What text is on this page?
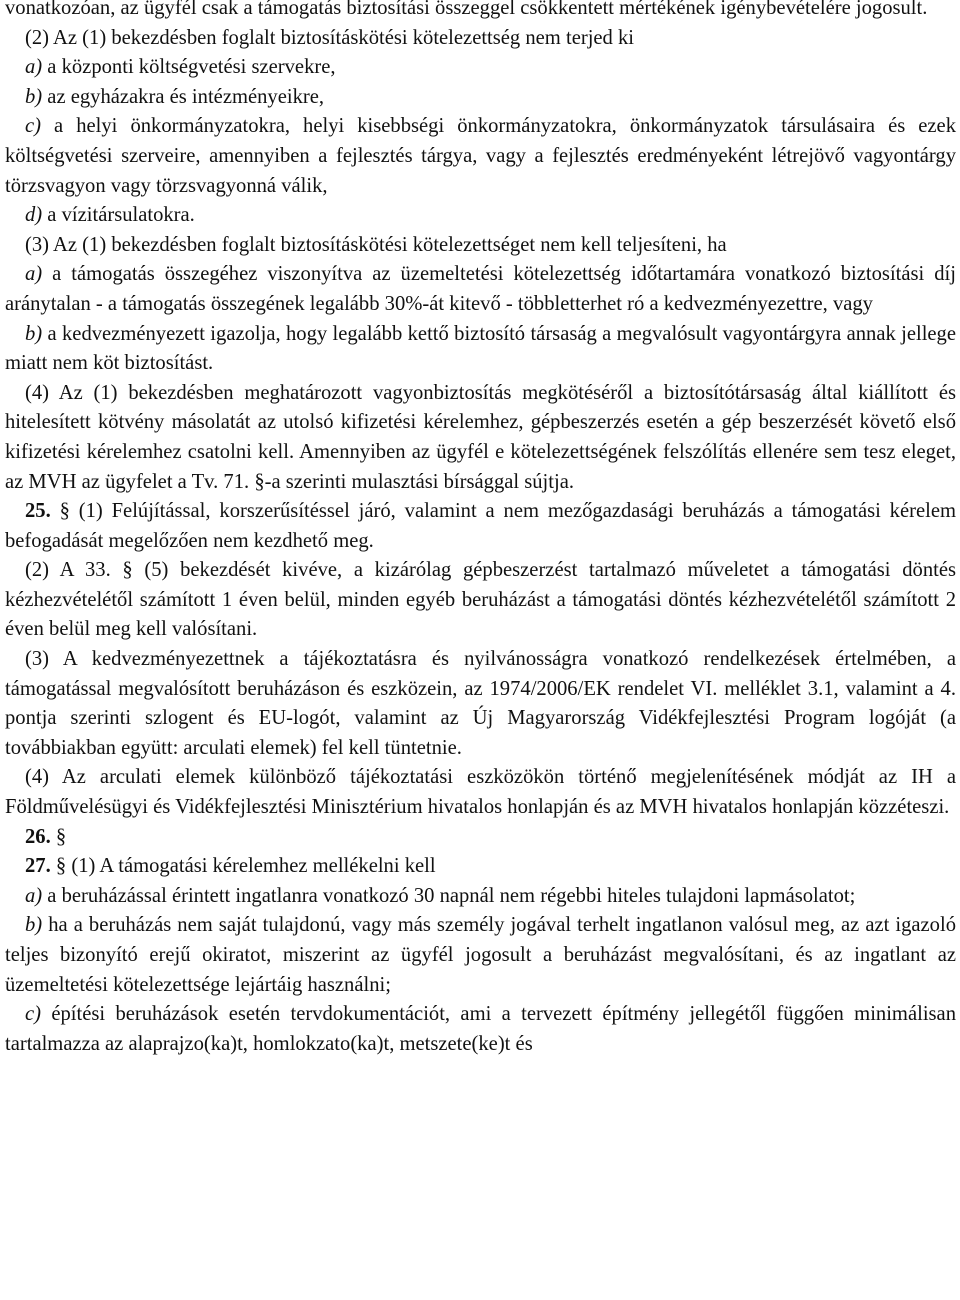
vonatkozóan, az ügyfél csak a támogatás biztosítási összeggel csökkentett mértékének igénybevételére jogosult.

(2) Az (1) bekezdésben foglalt biztosításkötési kötelezettség nem terjed ki

a) a központi költségvetési szervekre,

b) az egyházakra és intézményeikre,

c) a helyi önkormányzatokra, helyi kisebbségi önkormányzatokra, önkormányzatok társulásaira és ezek költségvetési szerveire, amennyiben a fejlesztés tárgya, vagy a fejlesztés eredményeként létrejövő vagyontárgy törzsvagyon vagy törzsvagyonná válik,

d) a vízitársulatokra.

(3) Az (1) bekezdésben foglalt biztosításkötési kötelezettséget nem kell teljesíteni, ha

a) a támogatás összegéhez viszonyítva az üzemeltetési kötelezettség időtartamára vonatkozó biztosítási díj aránytalan - a támogatás összegének legalább 30%-át kitevő - többletterhet ró a kedvezményezettre, vagy

b) a kedvezményezett igazolja, hogy legalább kettő biztosító társaság a megvalósult vagyontárgyra annak jellege miatt nem köt biztosítást.

(4) Az (1) bekezdésben meghatározott vagyonbiztosítás megkötéséről a biztosítótársaság által kiállított és hitelesített kötvény másolatát az utolsó kifizetési kérelemhez, gépbeszerzés esetén a gép beszerzését követő első kifizetési kérelemhez csatolni kell. Amennyiben az ügyfél e kötelezettségének felszólítás ellenére sem tesz eleget, az MVH az ügyfelet a Tv. 71. §-a szerinti mulasztási bírsággal sújtja.

25. § (1) Felújítással, korszerűsítéssel járó, valamint a nem mezőgazdasági beruházás a támogatási kérelem befogadását megelőzően nem kezdhető meg.

(2) A 33. § (5) bekezdését kivéve, a kizárólag gépbeszerzést tartalmazó műveletet a támogatási döntés kézhezvételétől számított 1 éven belül, minden egyéb beruházást a támogatási döntés kézhezvételétől számított 2 éven belül meg kell valósítani.

(3) A kedvezményezettnek a tájékoztatásra és nyilvánosságra vonatkozó rendelkezések értelmében, a támogatással megvalósított beruházáson és eszközein, az 1974/2006/EK rendelet VI. melléklet 3.1, valamint a 4. pontja szerinti szlogent és EU-logót, valamint az Új Magyarország Vidékfejlesztési Program logóját (a továbbiakban együtt: arculati elemek) fel kell tüntetnie.

(4) Az arculati elemek különböző tájékoztatási eszközökön történő megjelenítésének módját az IH a Földművelésügyi és Vidékfejlesztési Minisztérium hivatalos honlapján és az MVH hivatalos honlapján közzéteszi.

26. §

27. § (1) A támogatási kérelemhez mellékelni kell

a) a beruházással érintett ingatlanra vonatkozó 30 napnál nem régebbi hiteles tulajdoni lapmásolatot;

b) ha a beruházás nem saját tulajdonú, vagy más személy jogával terhelt ingatlanon valósul meg, az azt igazoló teljes bizonyító erejű okiratot, miszerint az ügyfél jogosult a beruházást megvalósítani, és az ingatlant az üzemeltetési kötelezettsége lejártáig használni;

c) építési beruházások esetén tervdokumentációt, ami a tervezett építmény jellegétől függően minimálisan tartalmazza az alaprajzo(ka)t, homlokzato(ka)t, metszete(ke)t és
